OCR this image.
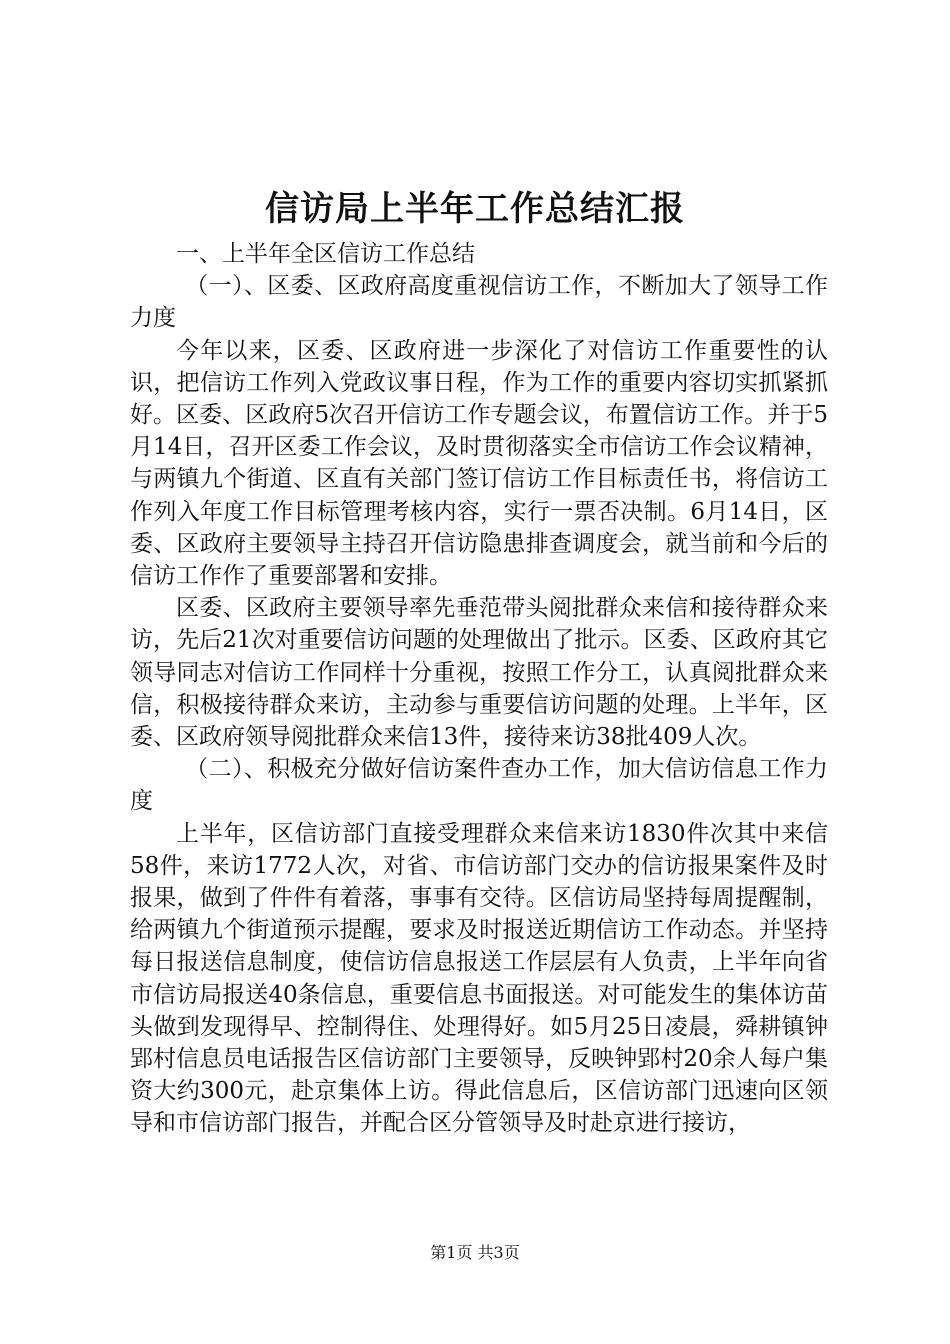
信访局上半年工作总结汇报

一、上半年全区信访工作总结

（一）、区委、区政府高度重视信访工作，不断加大了领导工作力度

今年以来，区委、区政府进一步深化了对信访工作重要性的认识，把信访工作列入党政议事日程，作为工作的重要内容切实抓紧抓好。区委、区政府5次召开信访工作专题会议，布置信访工作。并于5月14日，召开区委工作会议，及时贯彻落实全市信访工作会议精神，与两镇九个街道、区直有关部门签订信访工作目标责任书，将信访工作列入年度工作目标管理考核内容，实行一票否决制。6月14日，区委、区政府主要领导主持召开信访隐患排查调度会，就当前和今后的信访工作作了重要部署和安排。

区委、区政府主要领导率先垂范带头阅批群众来信和接待群众来访，先后21次对重要信访问题的处理做出了批示。区委、区政府其它领导同志对信访工作同样十分重视，按照工作分工，认真阅批群众来信，积极接待群众来访，主动参与重要信访问题的处理。上半年，区委、区政府领导阅批群众来信13件，接待来访38批409人次。

（二）、积极充分做好信访案件查办工作，加大信访信息工作力度

上半年，区信访部门直接受理群众来信来访1830件次其中来信58件，来访1772人次，对省、市信访部门交办的信访报果案件及时报果，做到了件件有着落，事事有交待。区信访局坚持每周提醒制，给两镇九个街道预示提醒，要求及时报送近期信访工作动态。并坚持每日报送信息制度，使信访信息报送工作层层有人负责，上半年向省市信访局报送40条信息，重要信息书面报送。对可能发生的集体访苗头做到发现得早、控制得住、处理得好。如5月25日凌晨，舜耕镇钟郢村信息员电话报告区信访部门主要领导，反映钟郢村20余人每户集资大约300元，赴京集体上访。得此信息后，区信访部门迅速向区领导和市信访部门报告，并配合区分管领导及时赴京进行接访，

第1页 共3页
